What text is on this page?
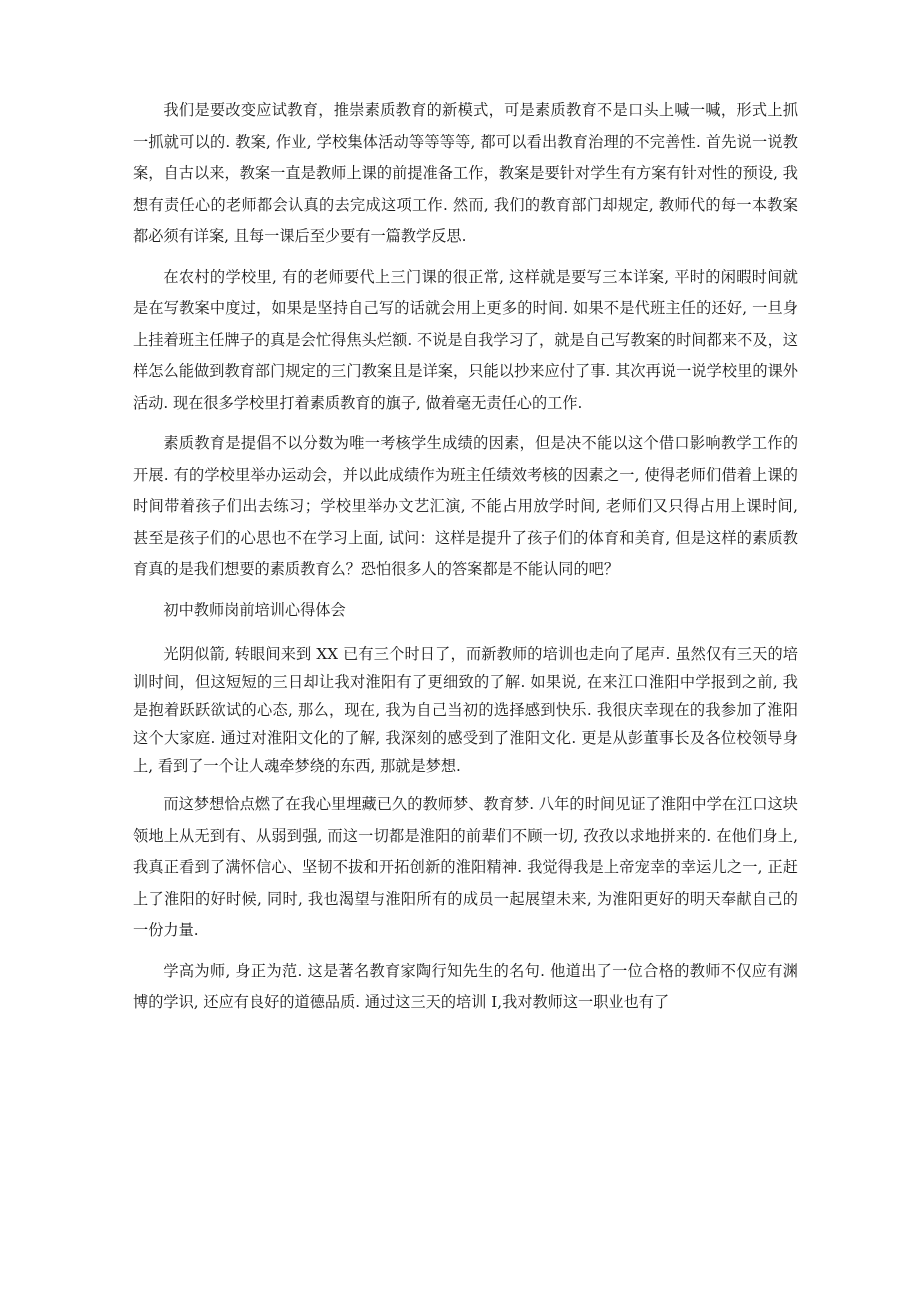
我们是要改变应试教育，推崇素质教育的新模式，可是素质教育不是口头上喊一喊，形式上抓一抓就可以的. 教案, 作业, 学校集体活动等等等等, 都可以看出教育治理的不完善性. 首先说一说教案，自古以来，教案一直是教师上课的前提准备工作，教案是要针对学生有方案有针对性的预设, 我想有责任心的老师都会认真的去完成这项工作. 然而, 我们的教育部门却规定, 教师代的每一本教案都必须有详案, 且每一课后至少要有一篇教学反思.

在农村的学校里, 有的老师要代上三门课的很正常, 这样就是要写三本详案, 平时的闲暇时间就是在写教案中度过，如果是坚持自己写的话就会用上更多的时间. 如果不是代班主任的还好, 一旦身上挂着班主任牌子的真是会忙得焦头烂额. 不说是自我学习了，就是自己写教案的时间都来不及，这样怎么能做到教育部门规定的三门教案且是详案，只能以抄来应付了事. 其次再说一说学校里的课外活动. 现在很多学校里打着素质教育的旗子, 做着毫无责任心的工作.

素质教育是提倡不以分数为唯一考核学生成绩的因素，但是决不能以这个借口影响教学工作的开展. 有的学校里举办运动会，并以此成绩作为班主任绩效考核的因素之一, 使得老师们借着上课的时间带着孩子们出去练习；学校里举办文艺汇演, 不能占用放学时间, 老师们又只得占用上课时间, 甚至是孩子们的心思也不在学习上面, 试问：这样是提升了孩子们的体育和美育, 但是这样的素质教育真的是我们想要的素质教育么？恐怕很多人的答案都是不能认同的吧？

初中教师岗前培训心得体会

光阴似箭, 转眼间来到 XX 已有三个时日了，而新教师的培训也走向了尾声. 虽然仅有三天的培训时间，但这短短的三日却让我对淮阳有了更细致的了解. 如果说, 在来江口淮阳中学报到之前, 我是抱着跃跃欲试的心态, 那么，现在, 我为自己当初的选择感到快乐. 我很庆幸现在的我参加了淮阳这个大家庭. 通过对淮阳文化的了解, 我深刻的感受到了淮阳文化. 更是从彭董事长及各位校领导身上, 看到了一个让人魂牵梦绕的东西, 那就是梦想.

而这梦想恰点燃了在我心里埋藏已久的教师梦、教育梦. 八年的时间见证了淮阳中学在江口这块领地上从无到有、从弱到强, 而这一切都是淮阳的前辈们不顾一切, 孜孜以求地拼来的. 在他们身上, 我真正看到了满怀信心、坚韧不拔和开拓创新的淮阳精神. 我觉得我是上帝宠幸的幸运儿之一, 正赶上了淮阳的好时候, 同时, 我也渴望与淮阳所有的成员一起展望未来, 为淮阳更好的明天奉献自己的一份力量.

学高为师, 身正为范. 这是著名教育家陶行知先生的名句. 他道出了一位合格的教师不仅应有渊博的学识, 还应有良好的道德品质. 通过这三天的培训 I,我对教师这一职业也有了
